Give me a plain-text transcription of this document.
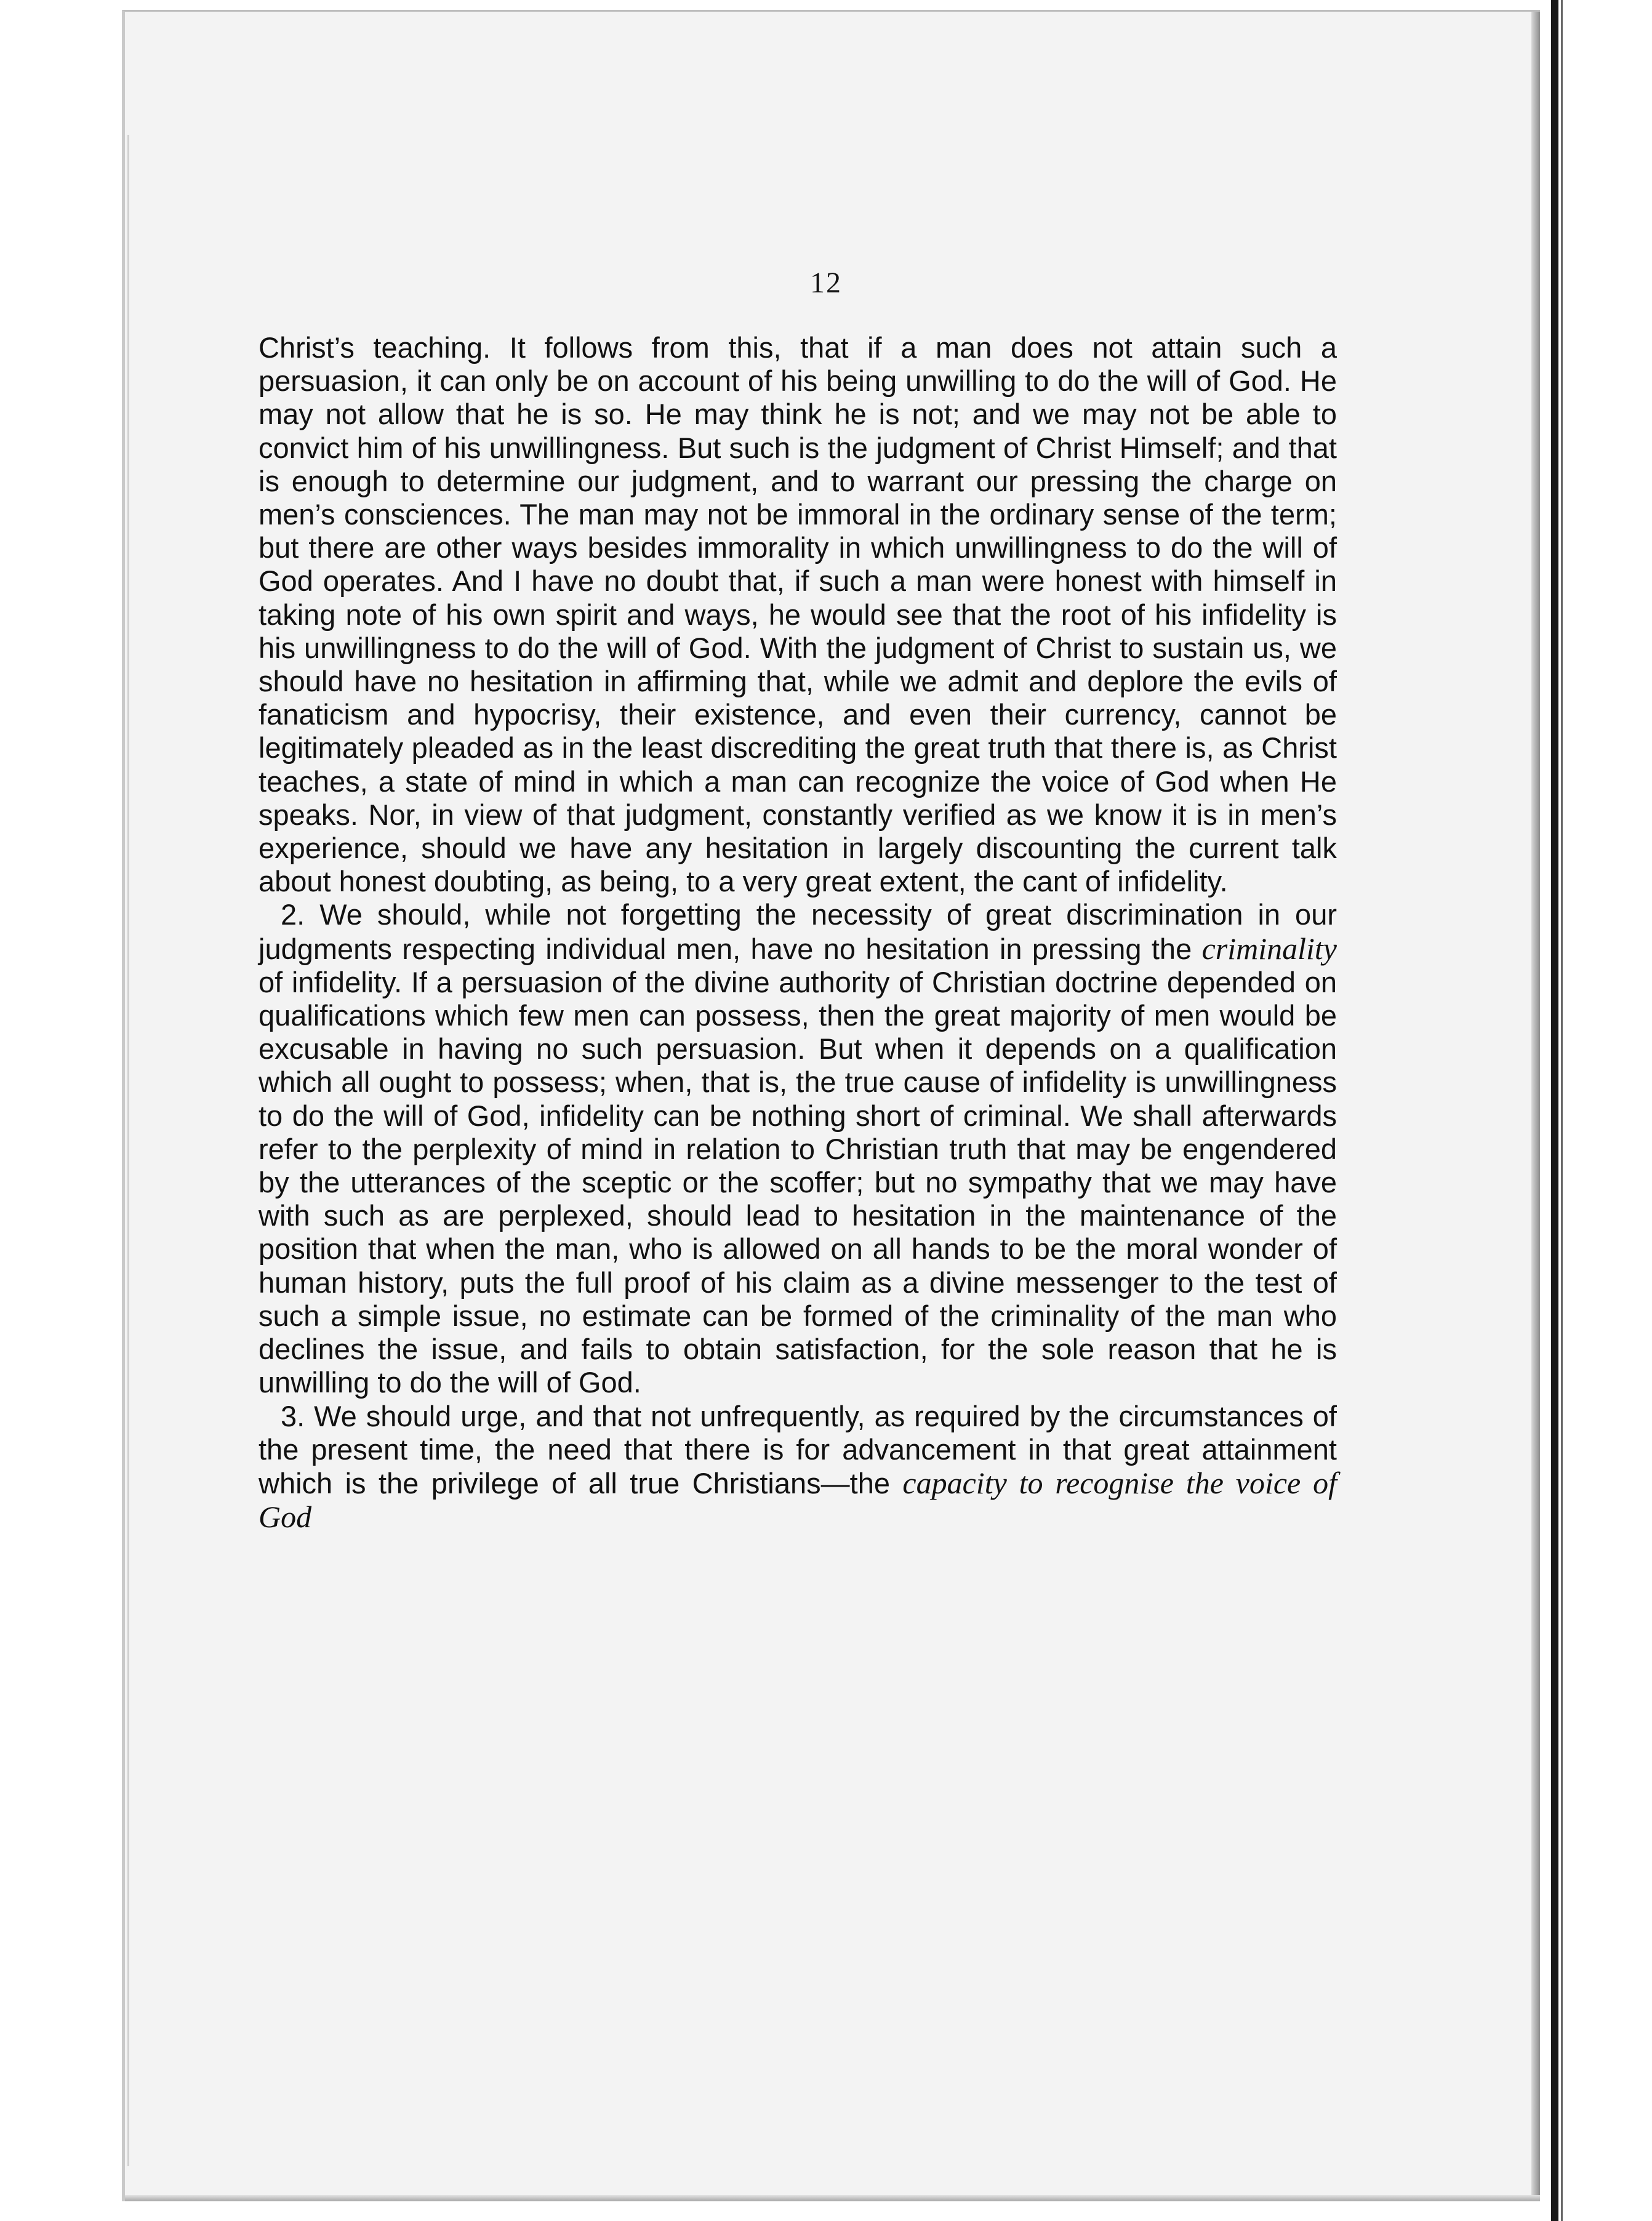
12

Christ’s teaching. It follows from this, that if a man does not attain such a persuasion, it can only be on account of his being unwilling to do the will of God. He may not allow that he is so. He may think he is not; and we may not be able to convict him of his unwillingness. But such is the judgment of Christ Himself; and that is enough to determine our judgment, and to warrant our pressing the charge on men’s consciences. The man may not be immoral in the ordinary sense of the term; but there are other ways besides immorality in which unwillingness to do the will of God operates. And I have no doubt that, if such a man were honest with himself in taking note of his own spirit and ways, he would see that the root of his infidelity is his unwillingness to do the will of God. With the judgment of Christ to sustain us, we should have no hesitation in affirming that, while we admit and deplore the evils of fanaticism and hypocrisy, their existence, and even their currency, cannot be legitimately pleaded as in the least discrediting the great truth that there is, as Christ teaches, a state of mind in which a man can recognize the voice of God when He speaks. Nor, in view of that judgment, constantly verified as we know it is in men’s experience, should we have any hesitation in largely discounting the current talk about honest doubting, as being, to a very great extent, the cant of infidelity.

2. We should, while not forgetting the necessity of great discrimination in our judgments respecting individual men, have no hesitation in pressing the criminality of infidelity. If a persuasion of the divine authority of Christian doctrine depended on qualifications which few men can possess, then the great majority of men would be excusable in having no such persuasion. But when it depends on a qualification which all ought to possess; when, that is, the true cause of infidelity is unwillingness to do the will of God, infidelity can be nothing short of criminal. We shall afterwards refer to the perplexity of mind in relation to Christian truth that may be engendered by the utterances of the sceptic or the scoffer; but no sympathy that we may have with such as are perplexed, should lead to hesitation in the maintenance of the position that when the man, who is allowed on all hands to be the moral wonder of human history, puts the full proof of his claim as a divine messenger to the test of such a simple issue, no estimate can be formed of the criminality of the man who declines the issue, and fails to obtain satisfaction, for the sole reason that he is unwilling to do the will of God.

3. We should urge, and that not unfrequently, as required by the circumstances of the present time, the need that there is for advancement in that great attainment which is the privilege of all true Christians—the capacity to recognise the voice of God
